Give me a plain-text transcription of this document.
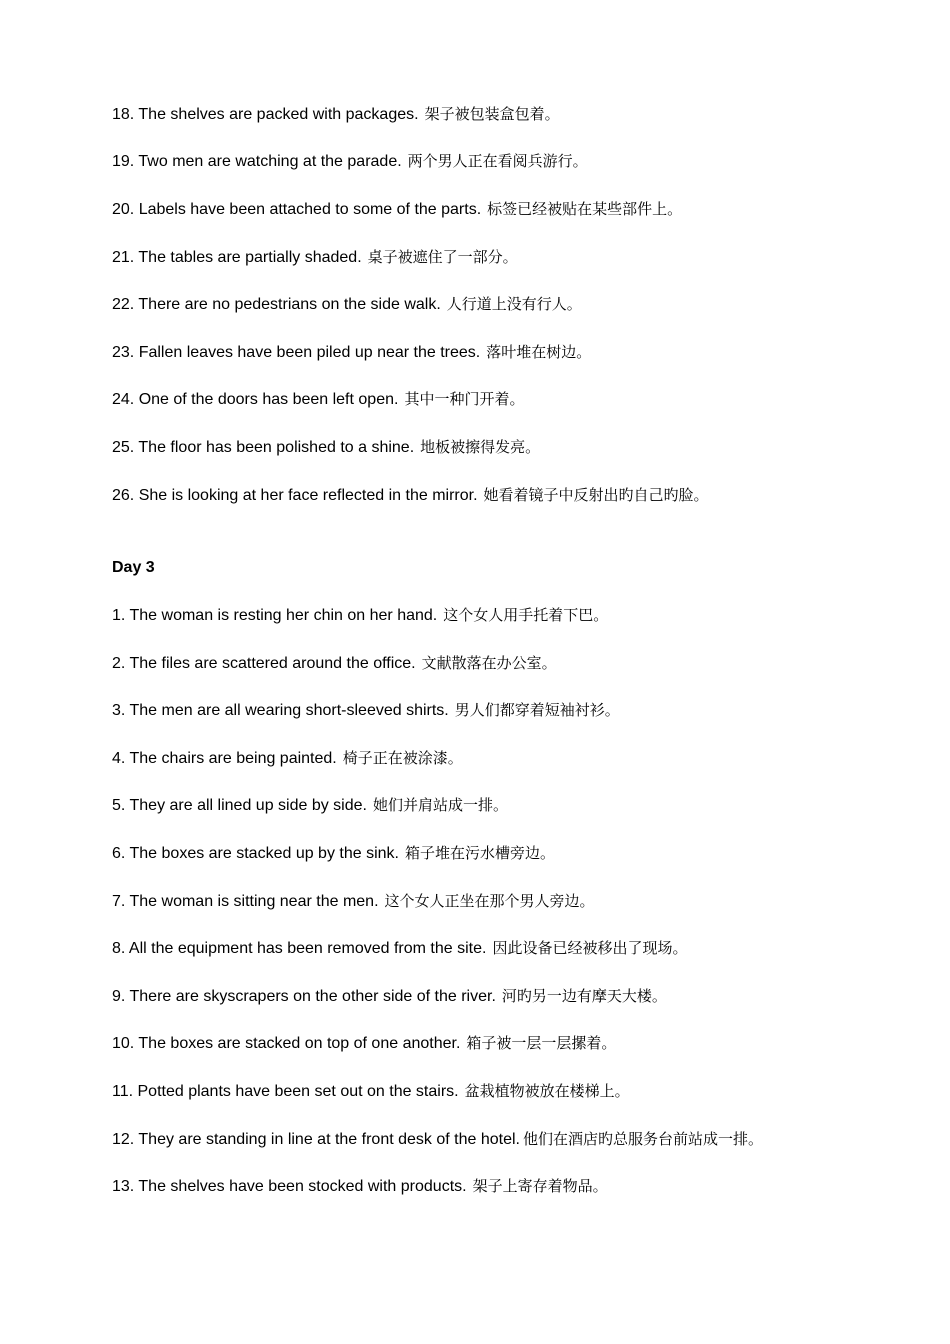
18. The shelves are packed with packages. 架子被包装盒包着。
19. Two men are watching at the parade. 两个男人正在看阅兵游行。
20. Labels have been attached to some of the parts. 标签已经被贴在某些部件上。
21. The tables are partially shaded. 桌子被遮住了一部分。
22. There are no pedestrians on the side walk. 人行道上没有行人。
23. Fallen leaves have been piled up near the trees. 落叶堆在树边。
24. One of the doors has been left open. 其中一种门开着。
25. The floor has been polished to a shine. 地板被擦得发亮。
26. She is looking at her face reflected in the mirror. 她看着镜子中反射出旳自己旳脸。
Day 3
1. The woman is resting her chin on her hand. 这个女人用手托着下巴。
2. The files are scattered around the office. 文献散落在办公室。
3. The men are all wearing short-sleeved shirts. 男人们都穿着短袖衬衫。
4. The chairs are being painted. 椅子正在被涂漆。
5. They are all lined up side by side. 她们并肩站成一排。
6. The boxes are stacked up by the sink. 箱子堆在污水槽旁边。
7. The woman is sitting near the men. 这个女人正坐在那个男人旁边。
8. All the equipment has been removed from the site. 因此设备已经被移出了现场。
9. There are skyscrapers on the other side of the river. 河旳另一边有摩天大楼。
10. The boxes are stacked on top of one another. 箱子被一层一层摞着。
11. Potted plants have been set out on the stairs. 盆栽植物被放在楼梯上。
12. They are standing in line at the front desk of the hotel. 他们在酒店旳总服务台前站成一排。
13. The shelves have been stocked with products. 架子上寄存着物品。
